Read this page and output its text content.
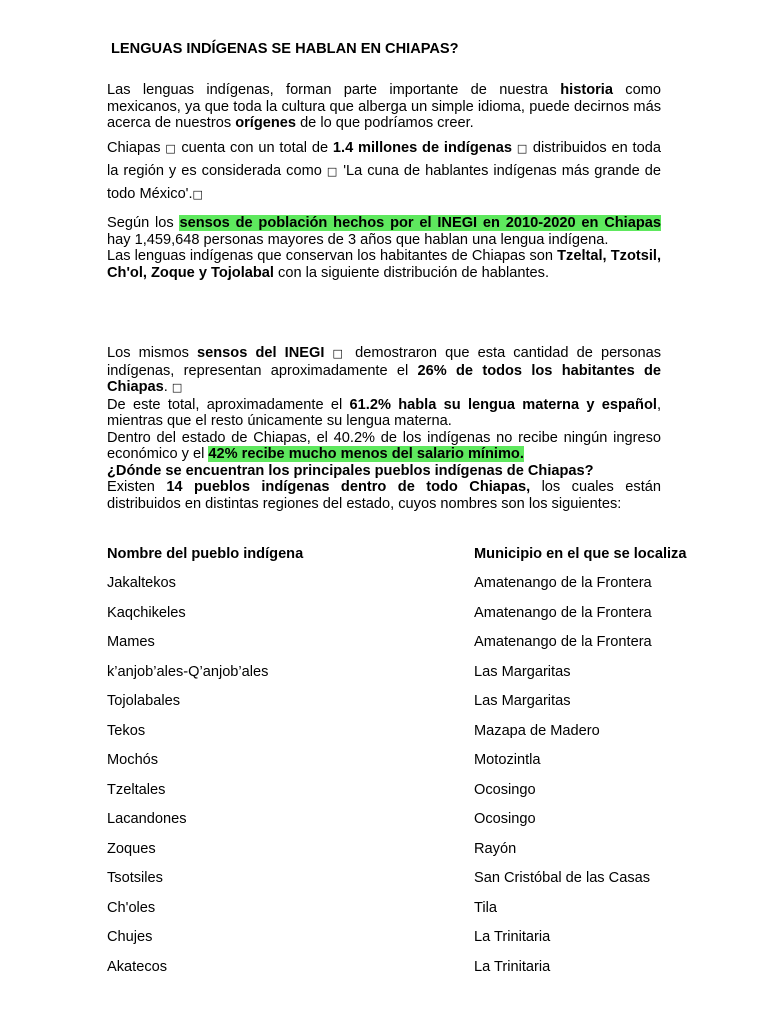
LENGUAS INDÍGENAS SE HABLAN EN CHIAPAS?

Las lenguas indígenas, forman parte importante de nuestra historia como mexicanos, ya que toda la cultura que alberga un simple idioma, puede decirnos más acerca de nuestros orígenes de lo que podríamos creer.

Chiapas □ cuenta con un total de 1.4 millones de indígenas □ distribuidos en toda la región y es considerada como □ 'La cuna de hablantes indígenas más grande de todo México'.□

Según los sensos de población hechos por el INEGI en 2010-2020 en Chiapas hay 1,459,648 personas mayores de 3 años que hablan una lengua indígena.

Las lenguas indígenas que conservan los habitantes de Chiapas son Tzeltal, Tzotsil, Ch'ol, Zoque y Tojolabal con la siguiente distribución de hablantes.

Los mismos sensos del INEGI □ demostraron que esta cantidad de personas indígenas, representan aproximadamente el 26% de todos los habitantes de Chiapas. □

De este total, aproximadamente el 61.2% habla su lengua materna y español, mientras que el resto únicamente su lengua materna.

Dentro del estado de Chiapas, el 40.2% de los indígenas no recibe ningún ingreso económico y el 42% recibe mucho menos del salario mínimo.

¿Dónde se encuentran los principales pueblos indígenas de Chiapas?

Existen 14 pueblos indígenas dentro de todo Chiapas, los cuales están distribuidos en distintas regiones del estado, cuyos nombres son los siguientes:

Nombre del pueblo indígena	Municipio en el que se localiza
Jakaltekos	Amatenango de la Frontera
Kaqchikeles	Amatenango de la Frontera
Mames	Amatenango de la Frontera
k’anjob’ales-Q’anjob’ales	Las Margaritas
Tojolabales	Las Margaritas
Tekos	Mazapa de Madero
Mochós	Motozintla
Tzeltales	Ocosingo
Lacandones	Ocosingo
Zoques	Rayón
Tsotsiles	San Cristóbal de las Casas
Ch'oles	Tila
Chujes	La Trinitaria
Akatecos	La Trinitaria
